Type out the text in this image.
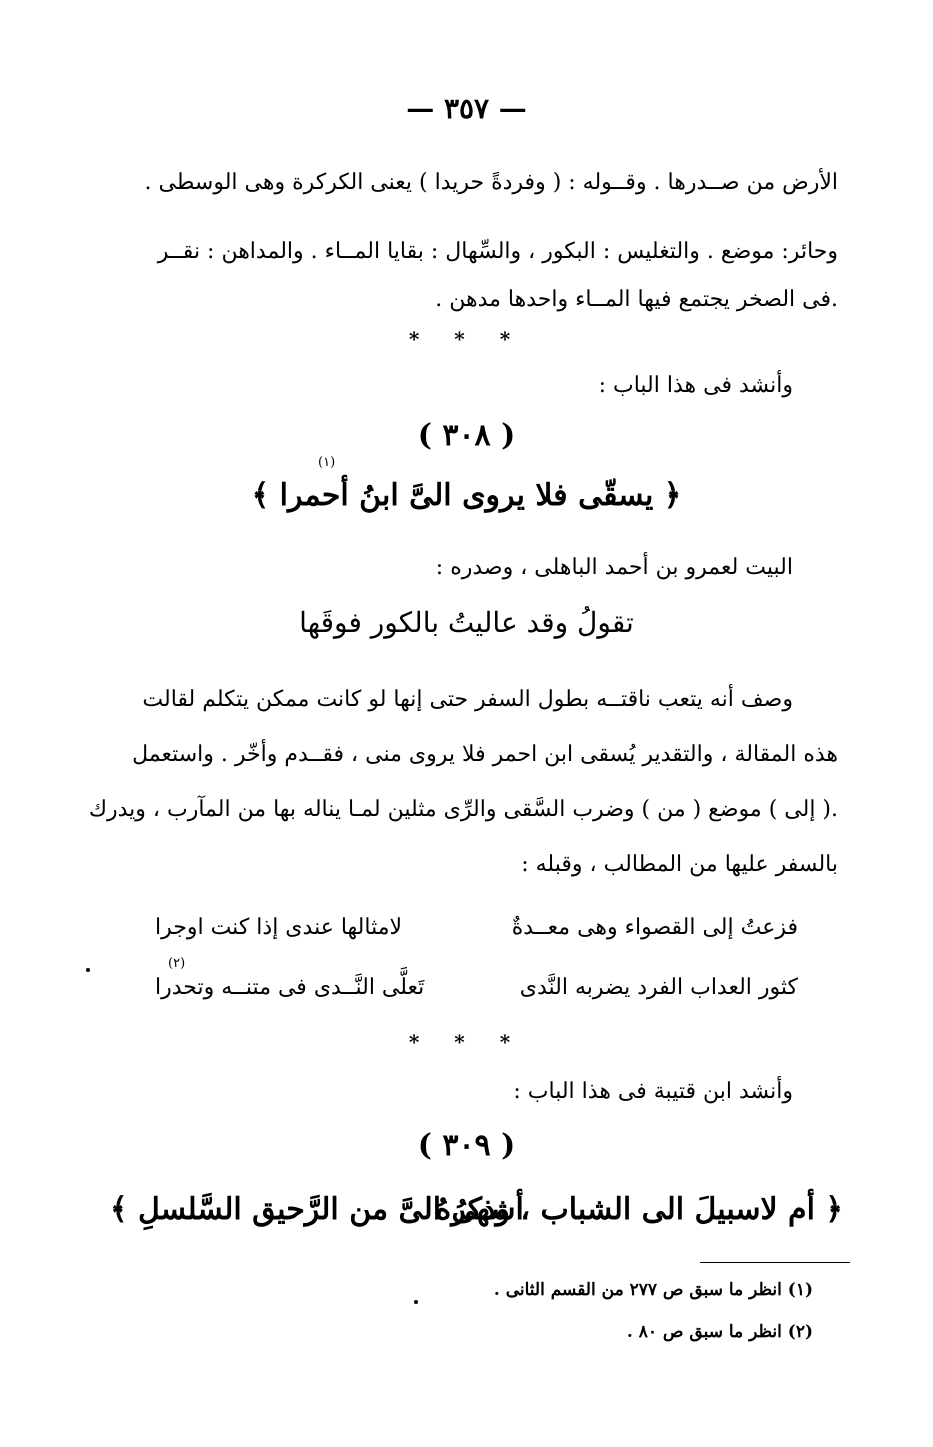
— ٣٥٧ —
الأرض من صــدرها . وقــوله : ( وفردةً حريدا ) يعنى الكركرة وهى الوسطى .
وحائر: موضع . والتغليس : البكور ، والسِّهال : بقايا المــاء . والمداهن : نقــر
.فى الصخر يجتمع فيها المــاء واحدها مدهن .
* * *
وأنشد فى هذا الباب :
( ٣٠٨ )
(١)
﴿ يسقّى فلا يروى الىَّ ابنُ أحمرا ﴾
البيت لعمرو بن أحمد الباهلى ، وصدره :
تقولُ وقد عاليتُ بالكور فوقَها
وصف أنه يتعب ناقتــه بطول السفر حتى إنها لو كانت ممكن يتكلم لقالت
هذه المقالة ، والتقدير يُسقى ابن احمر فلا يروى منى ، فقــدم وأخّر . واستعمل
.( إلى ) موضع ( من ) وضرب السَّقى والرِّى مثلين لمـا يناله بها من المآرب ، ويدرك
بالسفر عليها من المطالب ، وقبله :
فزعتُ إلى القصواء وهى معــدةٌ
لامثالها عندى إذا كنت اوجرا
(٢)
كثور العداب الفرد يضربه النَّدى
تَعلَّى النَّــدى فى متنــه وتحدرا
* * *
وأنشد ابن قتيبة فى هذا الباب :
( ٣٠٩ )
﴿ أم لاسبيلَ الى الشباب ، وذكرُهُ
أشهى الىَّ من الرَّحيق السَّلسلِ ﴾
(١) انظر ما سبق ص ٢٧٧ من القسم الثانى .
(٢) انظر ما سبق ص ٨٠ .
